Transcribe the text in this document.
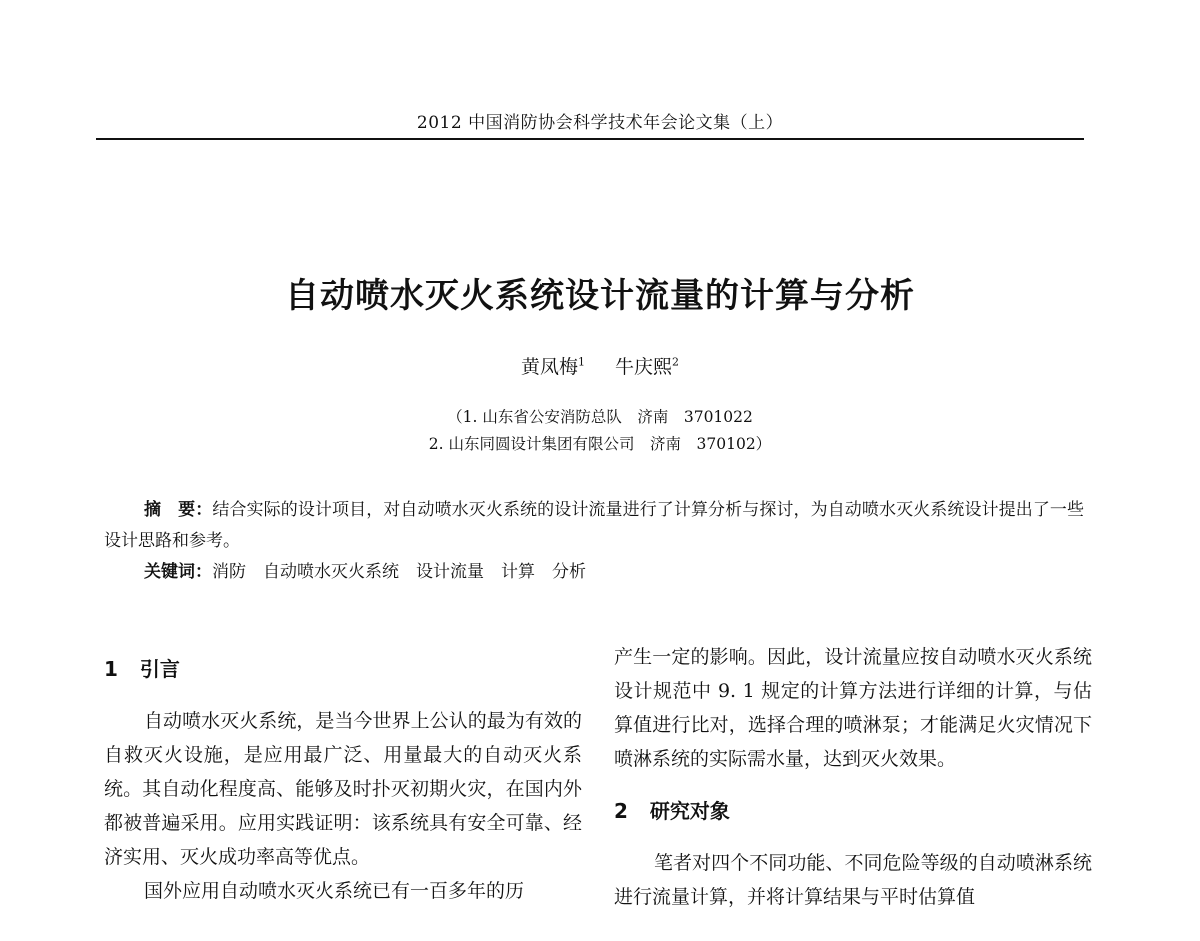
2012 中国消防协会科学技术年会论文集（上）
自动喷水灭火系统设计流量的计算与分析
黄凤梅$^1$ 牛庆熙$^2$
（1. 山东省公安消防总队　济南　3701022
2. 山东同圆设计集团有限公司　济南　370102）

摘　要：结合实际的设计项目，对自动喷水灭火系统的设计流量进行了计算分析与探讨，为自动喷水灭火系统设计提出了一些设计思路和参考。

关键词：消防　自动喷水灭火系统　设计流量　计算　分析

1 引言

自动喷水灭火系统，是当今世界上公认的最为有效的自救灭火设施，是应用最广泛、用量最大的自动灭火系统。其自动化程度高、能够及时扑灭初期火灾，在国内外都被普遍采用。应用实践证明：该系统具有安全可靠、经济实用、灭火成功率高等优点。

国外应用自动喷水灭火系统已有一百多年的历

产生一定的影响。因此，设计流量应按自动喷水灭火系统设计规范中 9. 1 规定的计算方法进行详细的计算，与估算值进行比对，选择合理的喷淋泵；才能满足火灾情况下喷淋系统的实际需水量，达到灭火效果。

2 研究对象

笔者对四个不同功能、不同危险等级的自动喷淋系统进行流量计算，并将计算结果与平时估算值
